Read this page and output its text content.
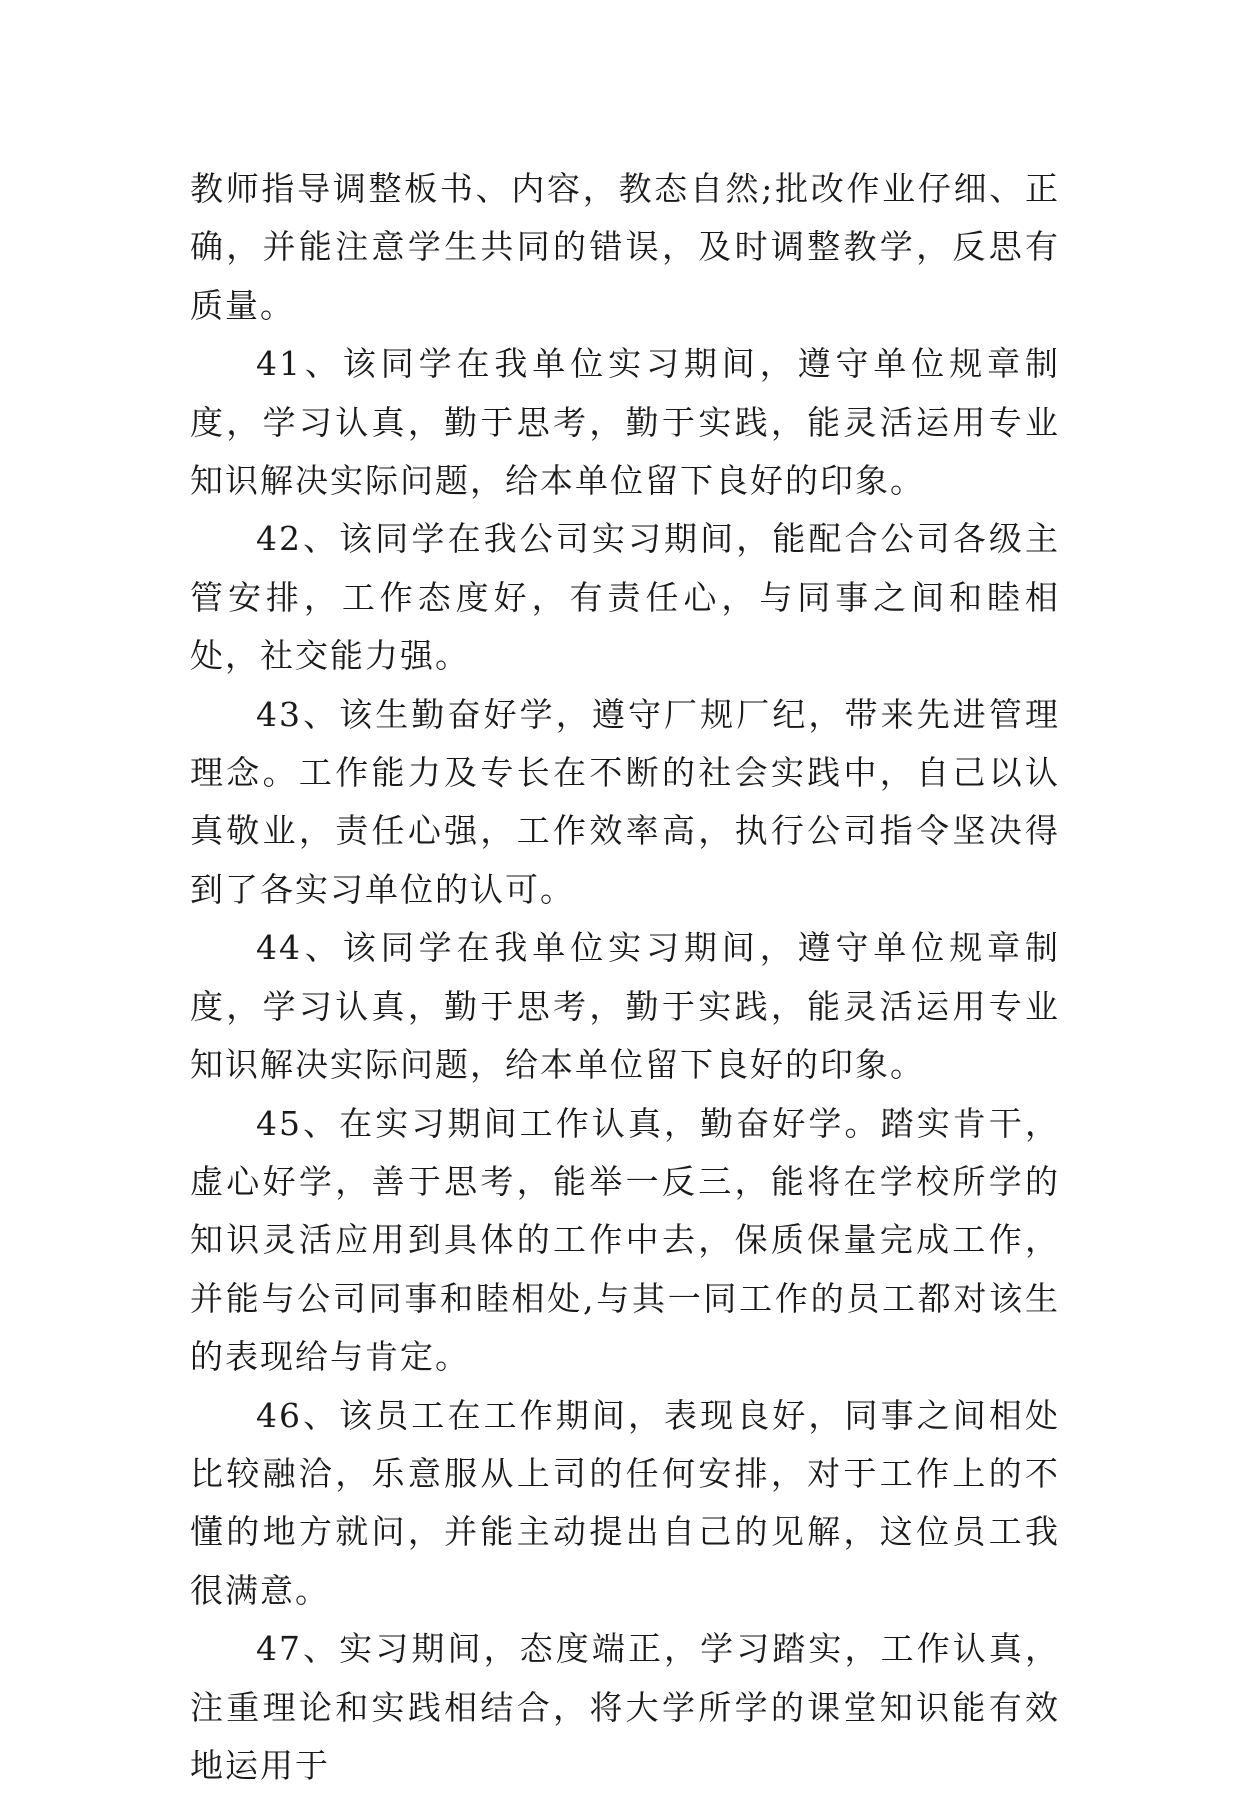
教师指导调整板书、内容，教态自然;批改作业仔细、正确，并能注意学生共同的错误，及时调整教学，反思有质量。

41、该同学在我单位实习期间，遵守单位规章制度，学习认真，勤于思考，勤于实践，能灵活运用专业知识解决实际问题，给本单位留下良好的印象。

42、该同学在我公司实习期间，能配合公司各级主管安排，工作态度好，有责任心，与同事之间和睦相处，社交能力强。

43、该生勤奋好学，遵守厂规厂纪，带来先进管理理念。工作能力及专长在不断的社会实践中，自己以认真敬业，责任心强，工作效率高，执行公司指令坚决得到了各实习单位的认可。

44、该同学在我单位实习期间，遵守单位规章制度，学习认真，勤于思考，勤于实践，能灵活运用专业知识解决实际问题，给本单位留下良好的印象。

45、在实习期间工作认真，勤奋好学。踏实肯干，虚心好学，善于思考，能举一反三，能将在学校所学的知识灵活应用到具体的工作中去，保质保量完成工作，并能与公司同事和睦相处,与其一同工作的员工都对该生的表现给与肯定。

46、该员工在工作期间，表现良好，同事之间相处比较融洽，乐意服从上司的任何安排，对于工作上的不懂的地方就问，并能主动提出自己的见解，这位员工我很满意。

47、实习期间，态度端正，学习踏实，工作认真，注重理论和实践相结合，将大学所学的课堂知识能有效地运用于
